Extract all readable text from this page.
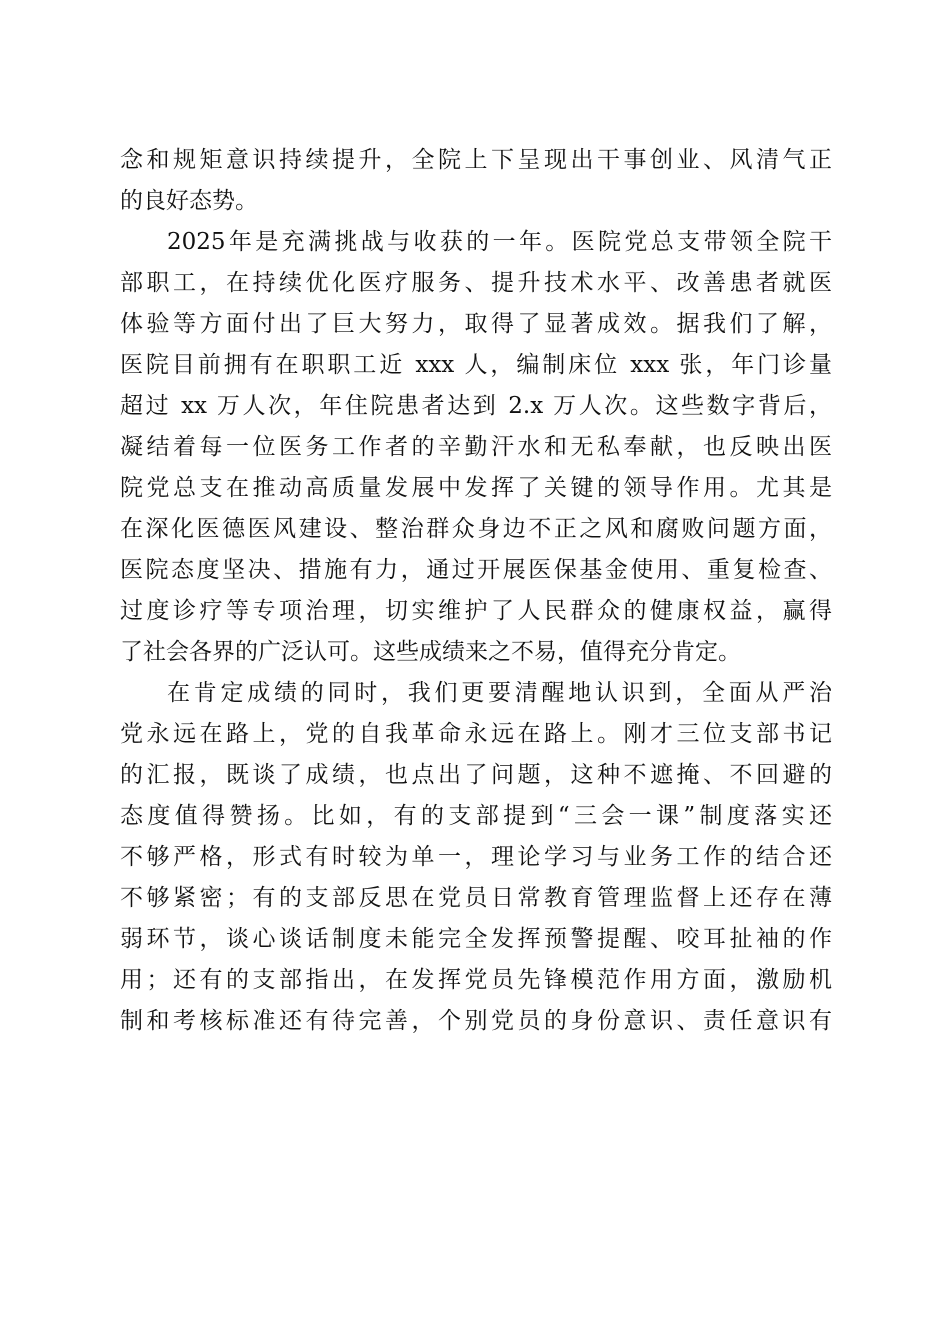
念和规矩意识持续提升，全院上下呈现出干事创业、风清气正
的良好态势。
2025年是充满挑战与收获的一年。医院党总支带领全院干
部职工，在持续优化医疗服务、提升技术水平、改善患者就医
体验等方面付出了巨大努力，取得了显著成效。据我们了解，
医院目前拥有在职职工近 xxx 人，编制床位 xxx 张，年门诊量
超过 xx 万人次，年住院患者达到 2.x 万人次。这些数字背后，
凝结着每一位医务工作者的辛勤汗水和无私奉献，也反映出医
院党总支在推动高质量发展中发挥了关键的领导作用。尤其是
在深化医德医风建设、整治群众身边不正之风和腐败问题方面，
医院态度坚决、措施有力，通过开展医保基金使用、重复检查、
过度诊疗等专项治理，切实维护了人民群众的健康权益，赢得
了社会各界的广泛认可。这些成绩来之不易，值得充分肯定。
在肯定成绩的同时，我们更要清醒地认识到，全面从严治
党永远在路上，党的自我革命永远在路上。刚才三位支部书记
的汇报，既谈了成绩，也点出了问题，这种不遮掩、不回避的
态度值得赞扬。比如，有的支部提到“三会一课”制度落实还
不够严格，形式有时较为单一，理论学习与业务工作的结合还
不够紧密；有的支部反思在党员日常教育管理监督上还存在薄
弱环节，谈心谈话制度未能完全发挥预警提醒、咬耳扯袖的作
用；还有的支部指出，在发挥党员先锋模范作用方面，激励机
制和考核标准还有待完善，个别党员的身份意识、责任意识有
